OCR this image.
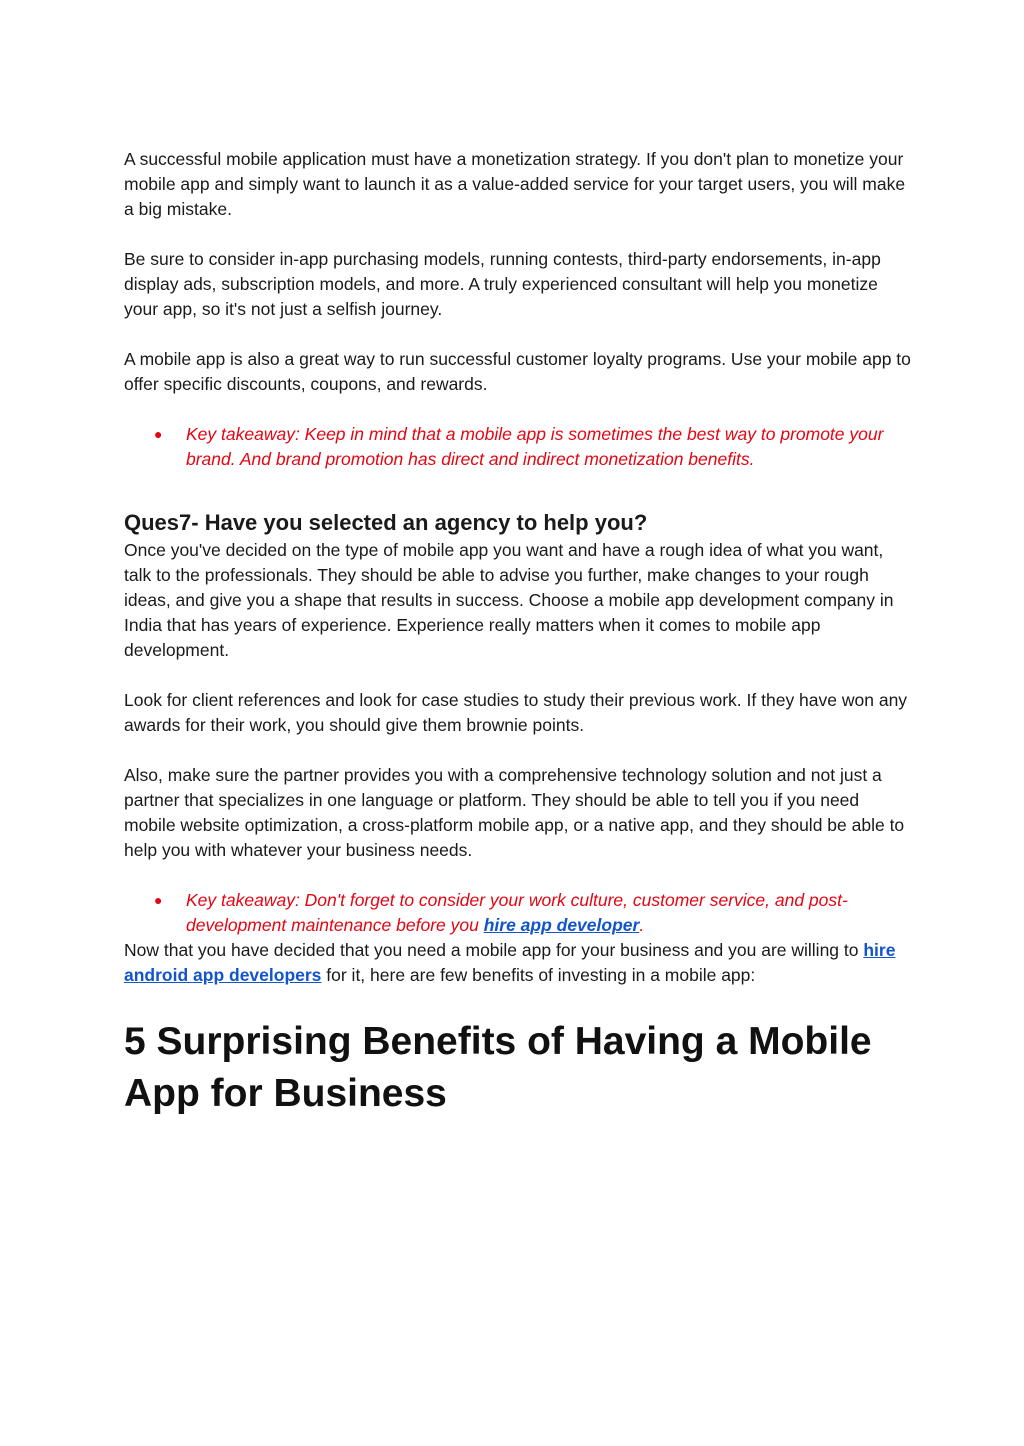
A successful mobile application must have a monetization strategy. If you don't plan to monetize your mobile app and simply want to launch it as a value-added service for your target users, you will make a big mistake.

Be sure to consider in-app purchasing models, running contests, third-party endorsements, in-app display ads, subscription models, and more. A truly experienced consultant will help you monetize your app, so it's not just a selfish journey.

A mobile app is also a great way to run successful customer loyalty programs. Use your mobile app to offer specific discounts, coupons, and rewards.

● Key takeaway: Keep in mind that a mobile app is sometimes the best way to promote your brand. And brand promotion has direct and indirect monetization benefits.
Ques7- Have you selected an agency to help you?

Once you've decided on the type of mobile app you want and have a rough idea of what you want, talk to the professionals. They should be able to advise you further, make changes to your rough ideas, and give you a shape that results in success. Choose a mobile app development company in India that has years of experience. Experience really matters when it comes to mobile app development.

Look for client references and look for case studies to study their previous work. If they have won any awards for their work, you should give them brownie points.

Also, make sure the partner provides you with a comprehensive technology solution and not just a partner that specializes in one language or platform. They should be able to tell you if you need mobile website optimization, a cross-platform mobile app, or a native app, and they should be able to help you with whatever your business needs.

● Key takeaway: Don't forget to consider your work culture, customer service, and post-development maintenance before you hire app developer.

Now that you have decided that you need a mobile app for your business and you are willing to hire android app developers for it, here are few benefits of investing in a mobile app:

5 Surprising Benefits of Having a Mobile App for Business
